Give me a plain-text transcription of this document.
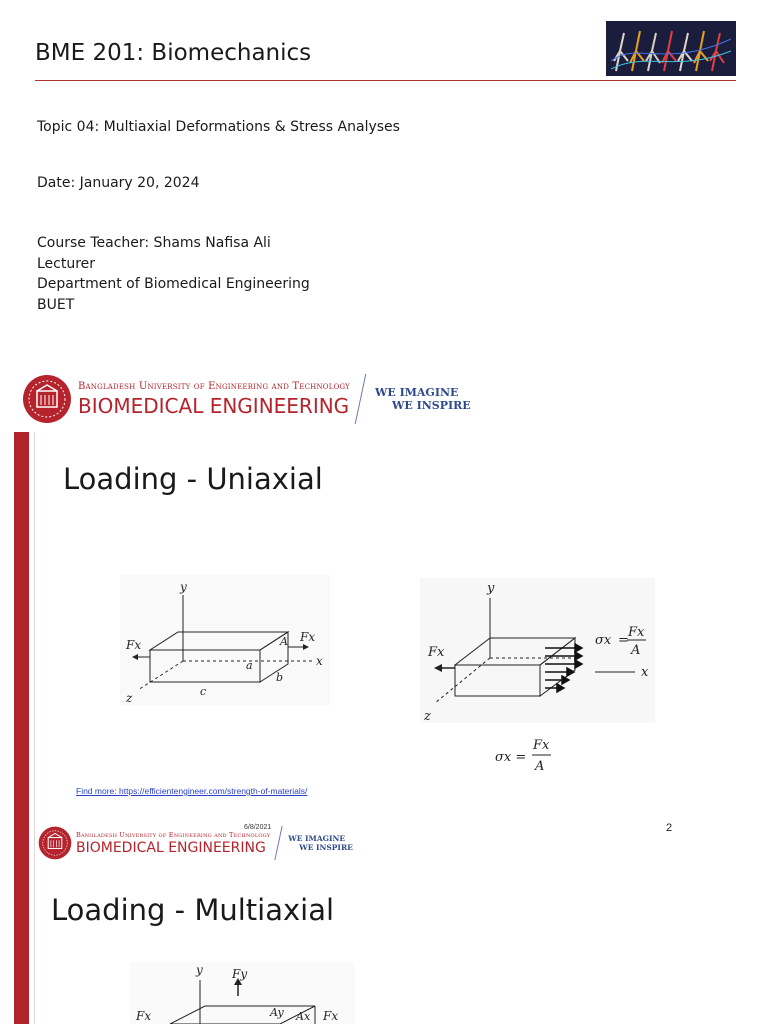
BME 201: Biomechanics
Topic 04: Multiaxial Deformations & Stress Analyses
Date: January 20, 2024
Course Teacher: Shams Nafisa Ali
Lecturer
Department of Biomedical Engineering
BUET
Bangladesh University of Engineering and Technology
BIOMEDICAL ENGINEERING
WE IMAGINE
WE INSPIRE
Loading - Uniaxial
y
x
z
Fx
Fx
A
a
b
c
y
x
z
Fx
σx =
Fx
A
σx =
Fx
A
Find more: https://efficientengineer.com/strength-of-materials/
6/8/2021	2
Bangladesh University of Engineering and Technology
BIOMEDICAL ENGINEERING
WE IMAGINE
WE INSPIRE
Loading - Multiaxial
y Fy
Fx	Fx
Ay Ax
